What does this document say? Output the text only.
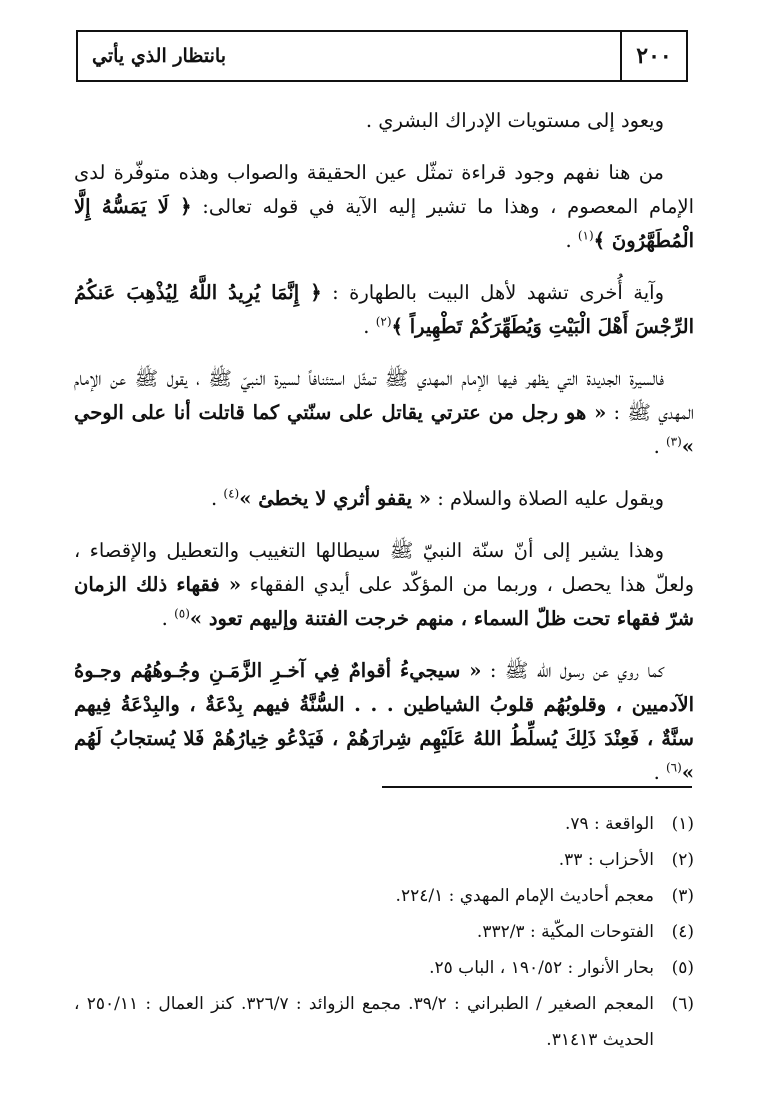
بانتظار الذي يأتي	٢٠٠

ويعود إلى مستويات الإدراك البشري .

من هنا نفهم وجود قراءة تمثّل عين الحقيقة والصواب وهذه متوفّرة لدى الإمام المعصوم ، وهذا ما تشير إليه الآية في قوله تعالى: ﴿ لَا يَمَسُّهُ إِلَّا الْمُطَهَّرُونَ ﴾$^{(١)}$ .

وآية أُخرى تشهد لأهل البيت بالطهارة : ﴿ إِنَّمَا يُرِيدُ اللَّهُ لِيُذْهِبَ عَنكُمُ الرِّجْسَ أَهْلَ الْبَيْتِ وَيُطَهِّرَكُمْ تَطْهِيراً ﴾$^{(٢)}$ .

فالسيرة الجديدة التي يظهر فيها الإمام المهدي ﷺ تمثّل استئنافاً لسيرة النبيّ ﷺ ، يقول ﷺ عن الإمام المهدي ﷺ : « هو رجل من عترتي يقاتل على سنّتي كما قاتلت أنا على الوحي »$^{(٣)}$ .

ويقول عليه الصلاة والسلام : « يقفو أثري لا يخطئ »$^{(٤)}$ .

وهذا يشير إلى أنّ سنّة النبيّ ﷺ سيطالها التغييب والتعطيل والإقصاء ، ولعلّ هذا يحصل ، وربما من المؤكّد على أيدي الفقهاء « فقهاء ذلك الزمان شرّ فقهاء تحت ظلّ السماء ، منهم خرجت الفتنة وإليهم تعود »$^{(٥)}$ .

كما روي عن رسول الله ﷺ : « سيجيءُ أقوامٌ فِي آخـرِ الزَّمَـنِ وجُـوهُهُم وجـوهُ الآدميين ، وقلوبُهُم قلوبُ الشياطين . . . السُّنَّةُ فيهم بِدْعَةٌ ، والبِدْعَةُ فِيهم سنَّةٌ ، فَعِنْدَ ذَلِكَ يُسلِّطُ اللهُ عَلَيْهِم شِرارَهُمْ ، فَيَدْعُو خِيارُهُمْ فَلا يُستجابُ لَهُم »$^{(٦)}$ .

(١)
الواقعة : ٧٩.
(٢)
الأحزاب : ٣٣.
(٣)
معجم أحاديث الإمام المهدي : ٢٢٤/١.
(٤)
الفتوحات المكّية : ٣٣٢/٣.
(٥)
بحار الأنوار : ١٩٠/٥٢ ، الباب ٢٥.
(٦)
المعجم الصغير / الطبراني : ٣٩/٢. مجمع الزوائد : ٣٢٦/٧. كنز العمال : ٢٥٠/١١ ، الحديث ٣١٤١٣.
